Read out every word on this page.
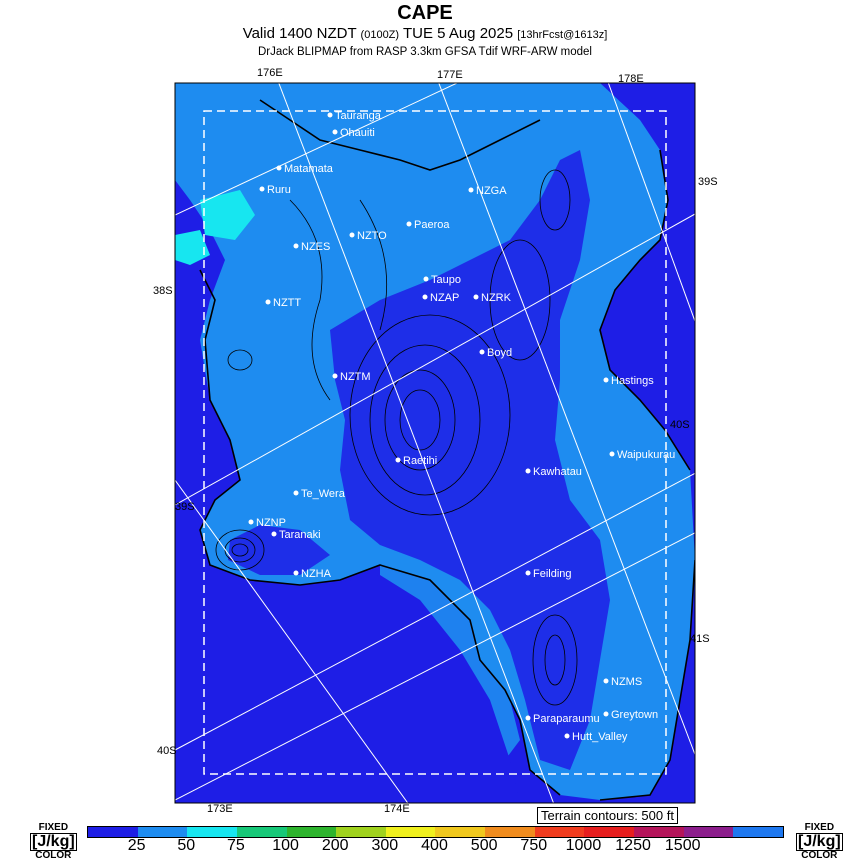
CAPE
Valid 1400 NZDT (0100Z) TUE 5 Aug 2025 [13hrFcst@1613z]
DrJack BLIPMAP from RASP 3.3km GFSA Tdif WRF-ARW model
176E	177E	178E
173E	174E
39S
38S
40S
41S
39S
40S
Tauranga
Ohauiti
Matamata
Ruru	NZGA
Paeroa
NZES
NZTO
Taupo
NZAP NZRK
NZTT
Boyd
NZTM	Hastings
Raetihi
Kawhatau
Waipukurau
Te_Wera
NZNP
Taranaki
NZHA	Feilding
NZMS
Greytown
Paraparaumu
Hutt_Valley
FIXED
[J/kg]
COLOR
FIXED
[J/kg]
COLOR
25 50 75 100 200 300 400 500 750 1000 1250 1500
Terrain contours: 500 ft
